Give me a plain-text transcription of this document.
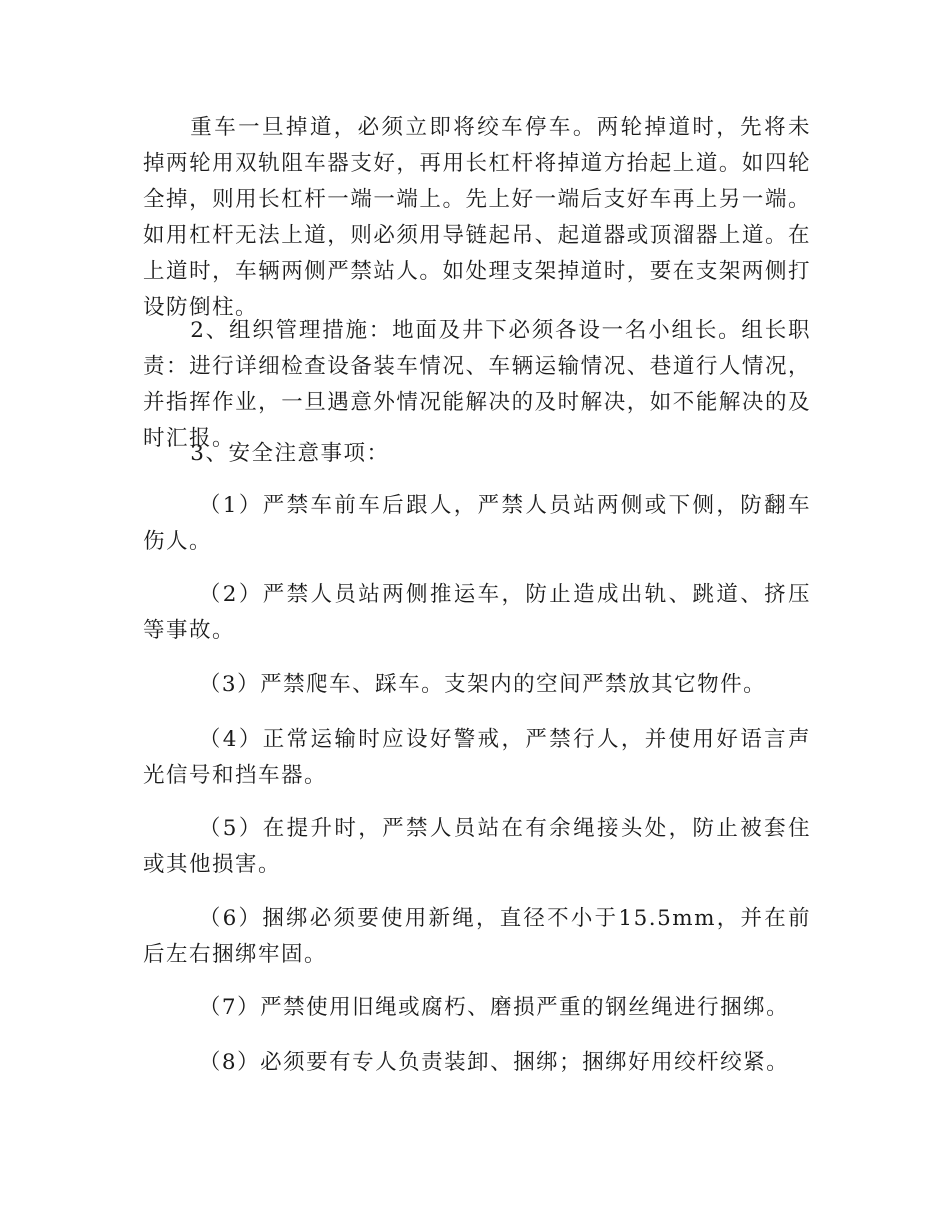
重车一旦掉道，必须立即将绞车停车。两轮掉道时，先将未掉两轮用双轨阻车器支好，再用长杠杆将掉道方抬起上道。如四轮全掉，则用长杠杆一端一端上。先上好一端后支好车再上另一端。如用杠杆无法上道，则必须用导链起吊、起道器或顶溜器上道。在上道时，车辆两侧严禁站人。如处理支架掉道时，要在支架两侧打设防倒柱。

2、组织管理措施：地面及井下必须各设一名小组长。组长职责：进行详细检查设备装车情况、车辆运输情况、巷道行人情况，并指挥作业，一旦遇意外情况能解决的及时解决，如不能解决的及时汇报。

3、安全注意事项：

（1）严禁车前车后跟人，严禁人员站两侧或下侧，防翻车伤人。

（2）严禁人员站两侧推运车，防止造成出轨、跳道、挤压等事故。

（3）严禁爬车、踩车。支架内的空间严禁放其它物件。

（4）正常运输时应设好警戒，严禁行人，并使用好语言声光信号和挡车器。

（5）在提升时，严禁人员站在有余绳接头处，防止被套住或其他损害。

（6）捆绑必须要使用新绳，直径不小于15.5mm，并在前后左右捆绑牢固。

（7）严禁使用旧绳或腐朽、磨损严重的钢丝绳进行捆绑。

（8）必须要有专人负责装卸、捆绑；捆绑好用绞杆绞紧。
